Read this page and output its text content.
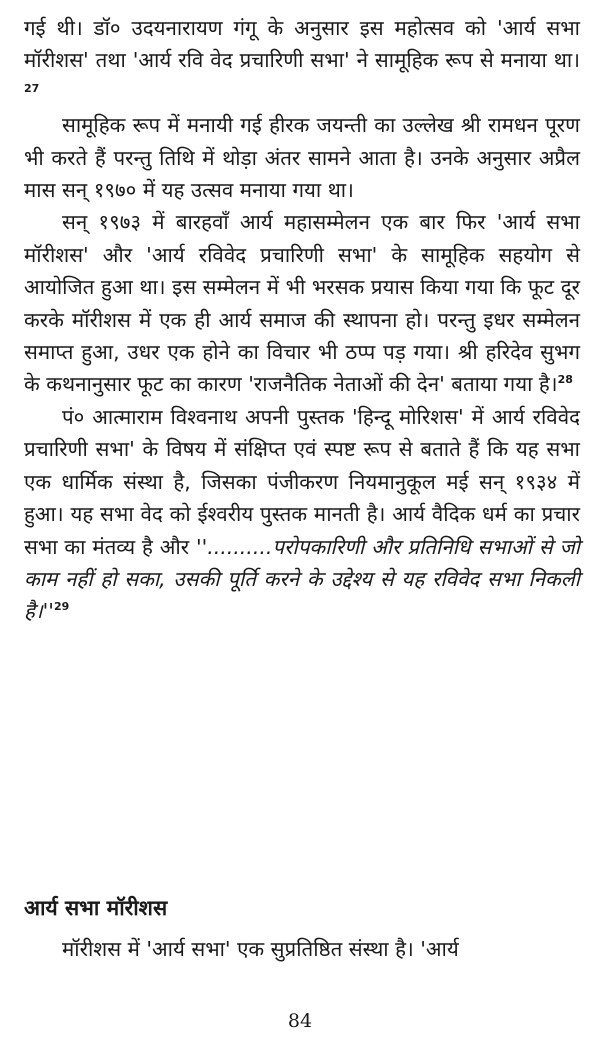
गई थी। डॉ० उदयनारायण गंगू के अनुसार इस महोत्सव को 'आर्य सभा मॉरीशस' तथा 'आर्य रवि वेद प्रचारिणी सभा' ने सामूहिक रूप से मनाया था।$^{27}$

सामूहिक रूप में मनायी गई हीरक जयन्ती का उल्लेख श्री रामधन पूरण भी करते हैं परन्तु तिथि में थोड़ा अंतर सामने आता है। उनके अनुसार अप्रैल मास सन् १९७० में यह उत्सव मनाया गया था।

सन् १९७३ में बारहवाँ आर्य महासम्मेलन एक बार फिर 'आर्य सभा मॉरीशस' और 'आर्य रविवेद प्रचारिणी सभा' के सामूहिक सहयोग से आयोजित हुआ था। इस सम्मेलन में भी भरसक प्रयास किया गया कि फूट दूर करके मॉरीशस में एक ही आर्य समाज की स्थापना हो। परन्तु इधर सम्मेलन समाप्त हुआ, उधर एक होने का विचार भी ठप्प पड़ गया। श्री हरिदेव सुभग के कथनानुसार फूट का कारण 'राजनैतिक नेताओं की देन' बताया गया है।$^{28}$

पं० आत्माराम विश्वनाथ अपनी पुस्तक 'हिन्दू मोरिशस' में आर्य रविवेद प्रचारिणी सभा' के विषय में संक्षिप्त एवं स्पष्ट रूप से बताते हैं कि यह सभा एक धार्मिक संस्था है, जिसका पंजीकरण नियमानुकूल मई सन् १९३४ में हुआ। यह सभा वेद को ईश्वरीय पुस्तक मानती है। आर्य वैदिक धर्म का प्रचार सभा का मंतव्य है और ''..........परोपकारिणी और प्रतिनिधि सभाओं से जो काम नहीं हो सका, उसकी पूर्ति करने के उद्देश्य से यह रविवेद सभा निकली $है।''^{29}$

आर्य सभा मॉरीशस

मॉरीशस में 'आर्य सभा' एक सुप्रतिष्ठित संस्था है। 'आर्य

84
